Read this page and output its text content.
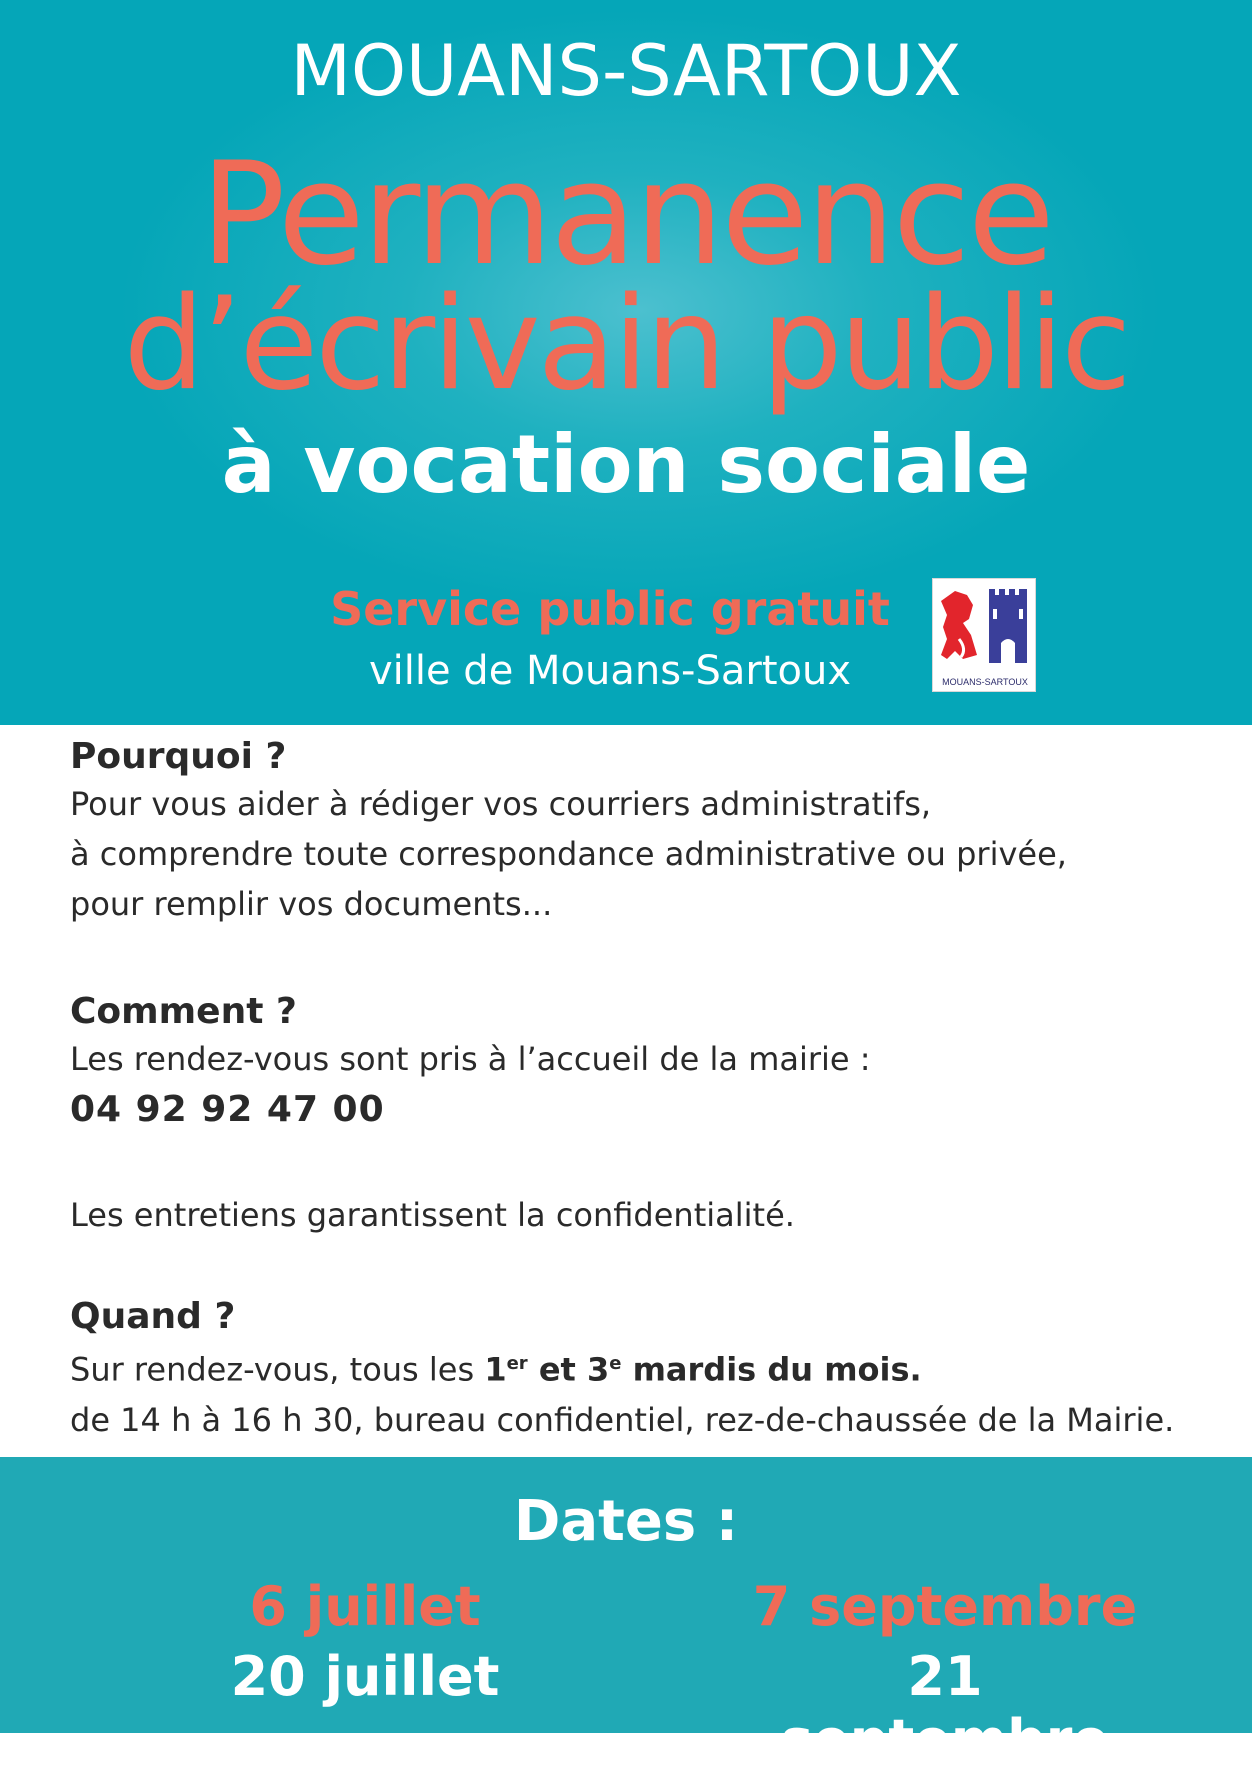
MOUANS-SARTOUX
Permanence
d’écrivain public
à vocation sociale
Service public gratuit
ville de Mouans-Sartoux	MOUANS-SARTOUX
Pourquoi ?
Pour vous aider à rédiger vos courriers administratifs,
à comprendre toute correspondance administrative ou privée,
pour remplir vos documents...
Comment ?
Les rendez-vous sont pris à l’accueil de la mairie :
04 92 92 47 00
Les entretiens garantissent la confidentialité.
Quand ?
Sur rendez-vous, tous les 1er et 3e mardis du mois.
de 14 h à 16 h 30, bureau confidentiel, rez-de-chaussée de la Mairie.
Dates :
6 juillet
20 juillet
7 septembre
21 septembre
